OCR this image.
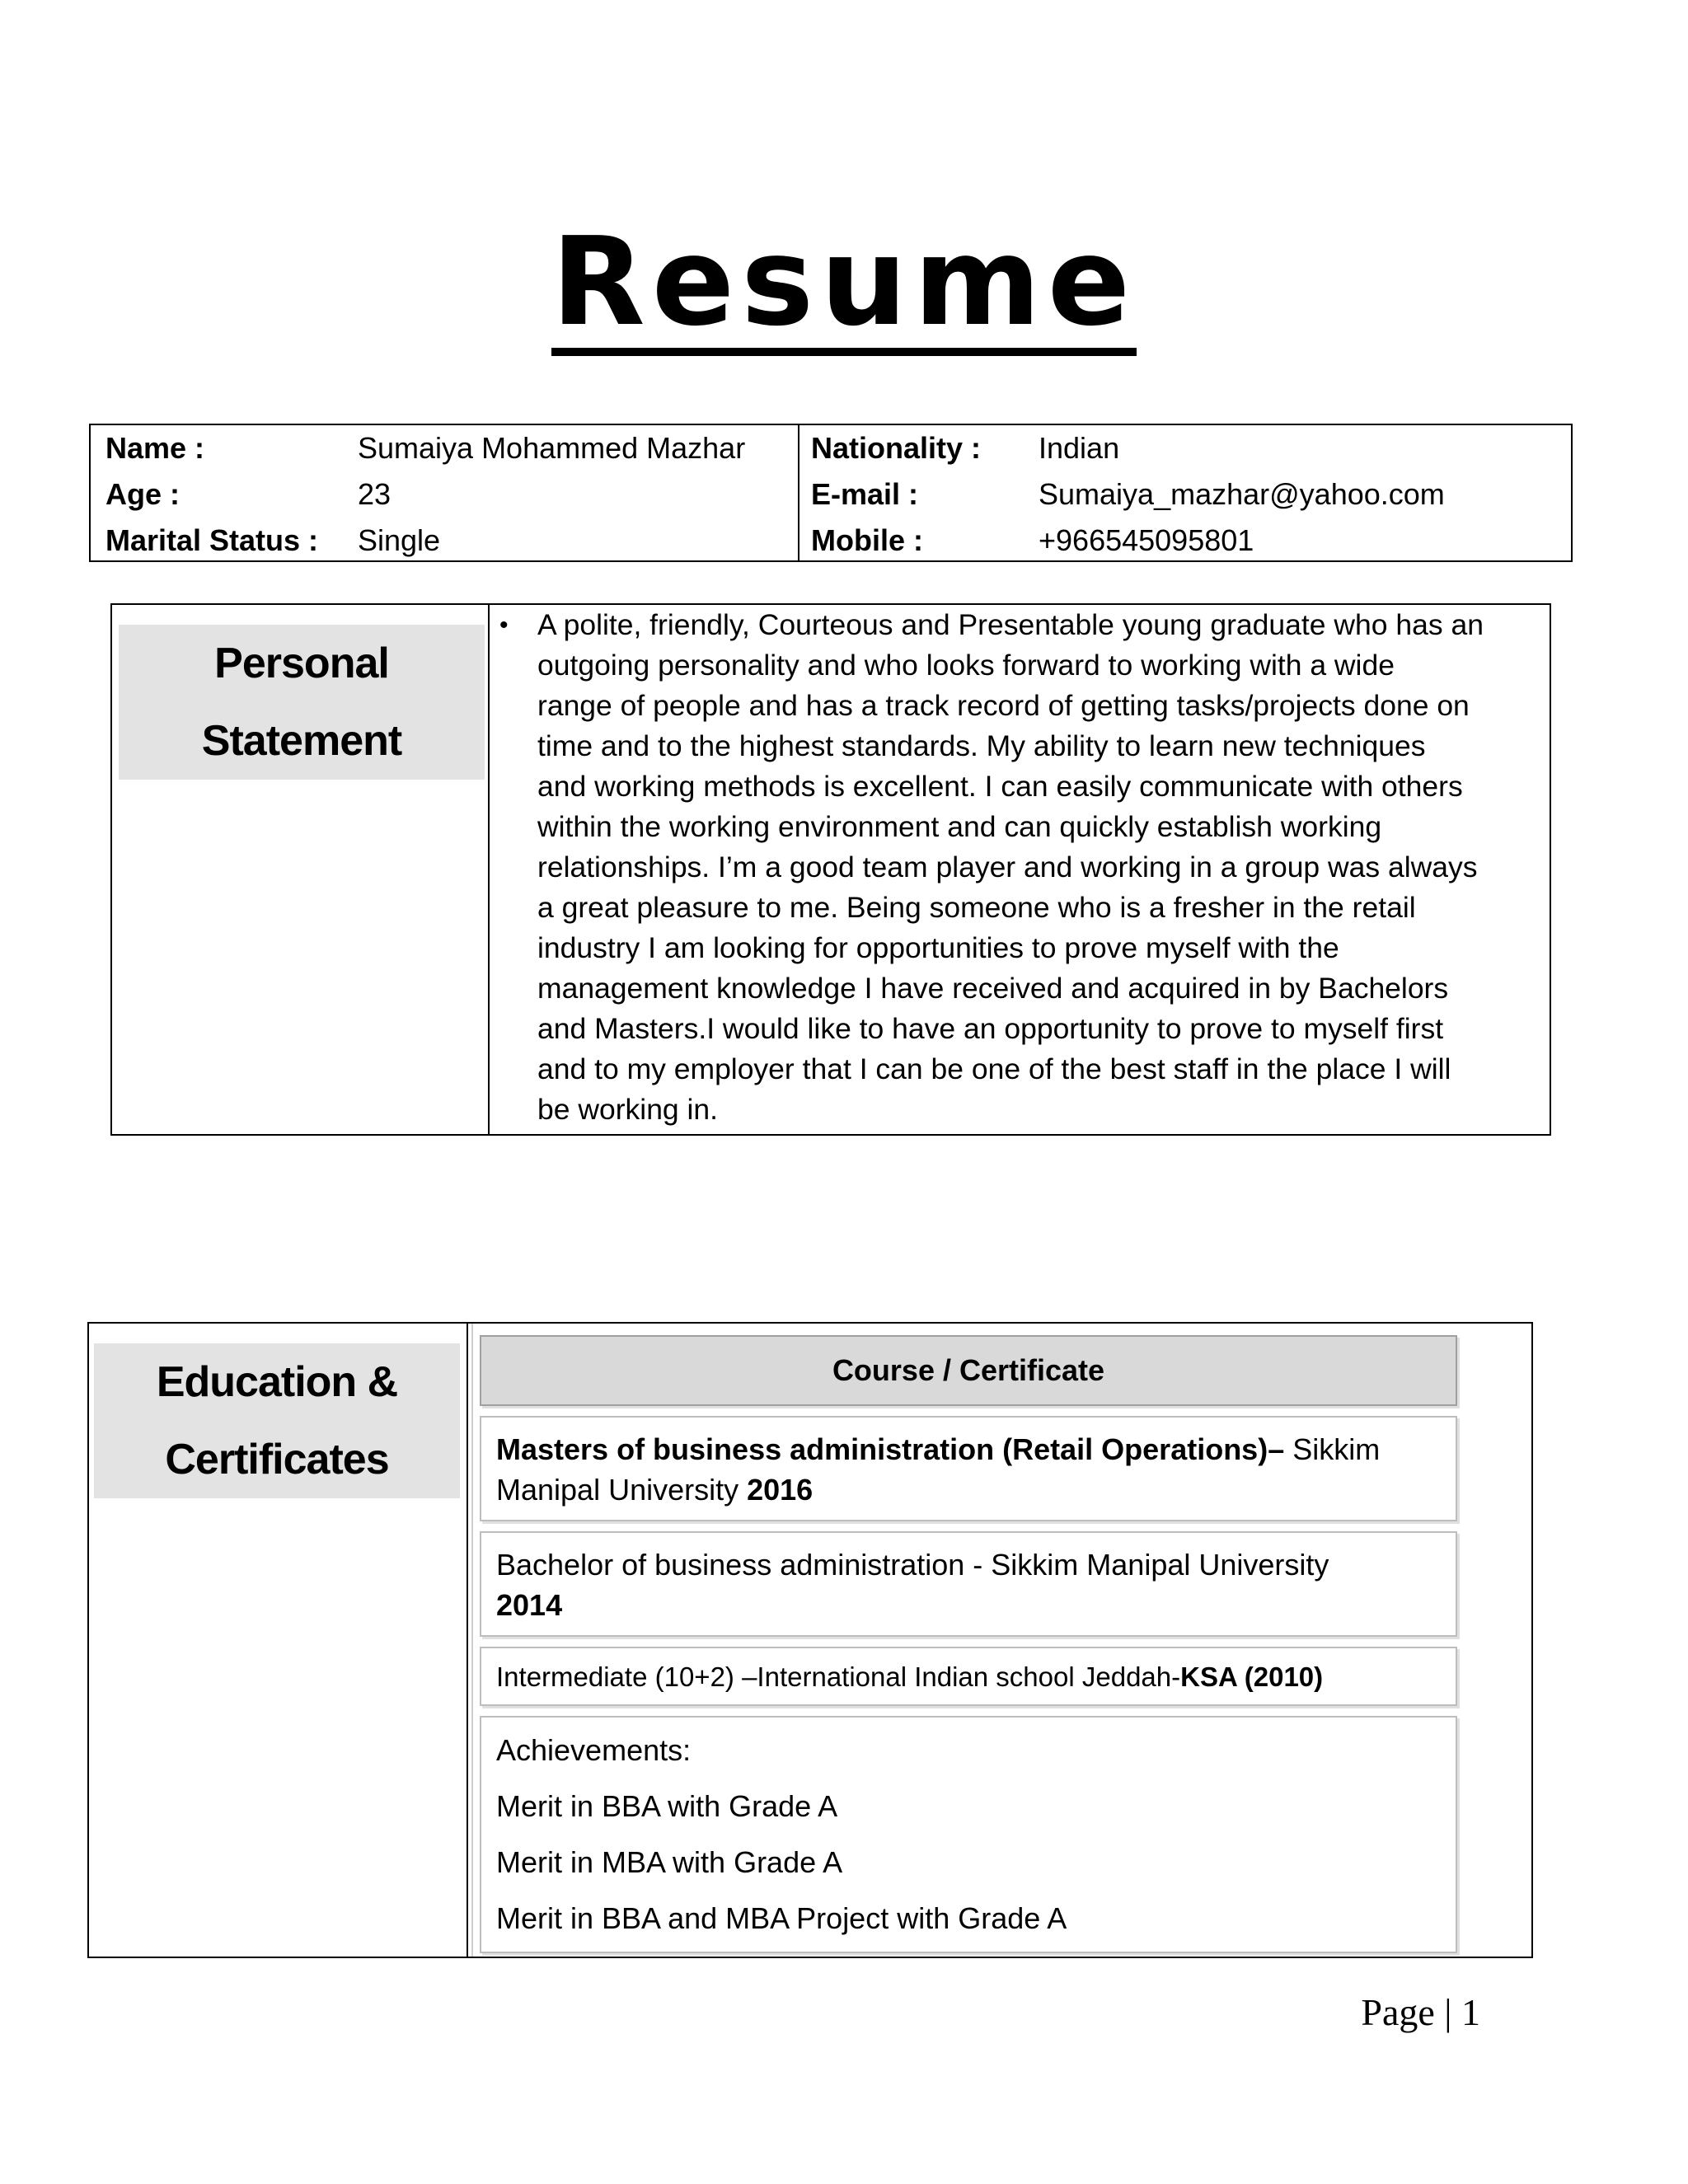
Resume
Name :	Sumaiya Mohammed Mazhar
Age :	23
Marital Status : Single
Nationality : Indian
E-mail :	Sumaiya_mazhar@yahoo.com
Mobile :	+966545095801
Personal
Statement
• A polite, friendly, Courteous and Presentable young graduate who has an
outgoing personality and who looks forward to working with a wide
range of people and has a track record of getting tasks/projects done on
time and to the highest standards. My ability to learn new techniques
and working methods is excellent. I can easily communicate with others
within the working environment and can quickly establish working
relationships. I’m a good team player and working in a group was always
a great pleasure to me. Being someone who is a fresher in the retail
industry I am looking for opportunities to prove myself with the
management knowledge I have received and acquired in by Bachelors
and Masters.I would like to have an opportunity to prove to myself first
and to my employer that I can be one of the best staff in the place I will
be working in.
Education &
Certificates
Course / Certificate
Masters of business administration (Retail Operations)– Sikkim
Manipal University 2016
Bachelor of business administration - Sikkim Manipal University
2014
Intermediate (10+2) –International Indian school Jeddah-KSA (2010)
Achievements:
Merit in BBA with Grade A
Merit in MBA with Grade A
Merit in BBA and MBA Project with Grade A
Page | 1
